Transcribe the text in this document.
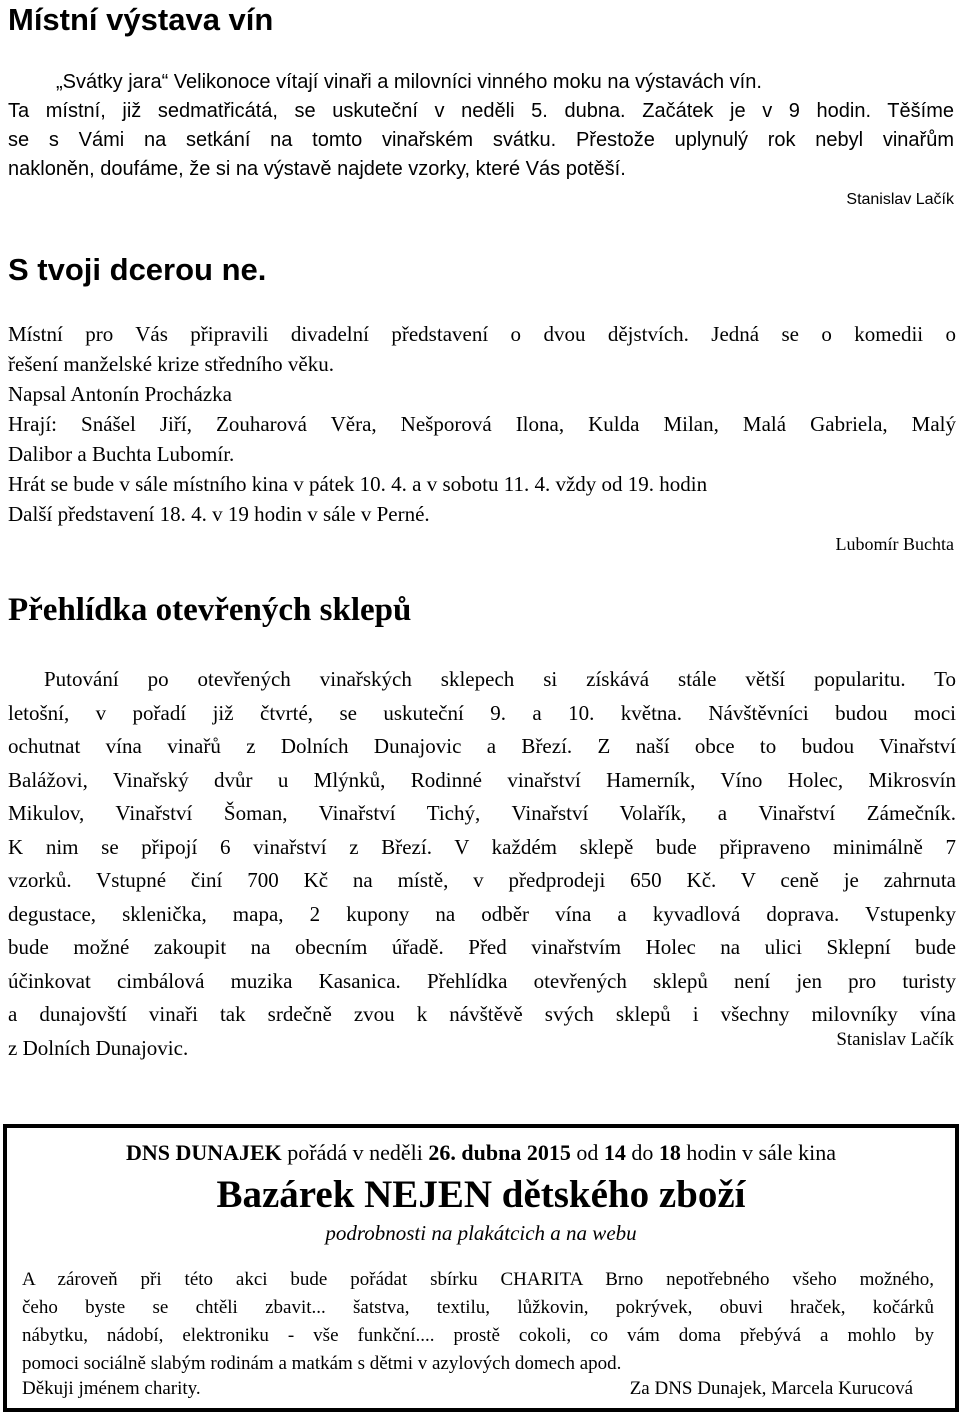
Místní výstava vín
„Svátky jara“ Velikonoce vítají vinaři a milovníci vinného moku na výstavách vín.
Ta místní, již sedmatřicátá, se uskuteční v neděli 5. dubna. Začátek je v 9 hodin. Těšíme
se s Vámi na setkání na tomto vinařském svátku. Přestože uplynulý rok nebyl vinařům
nakloněn, doufáme, že si na výstavě najdete vzorky, které Vás potěší.

Stanislav Lačík

S tvoji dcerou ne.
Místní pro Vás připravili divadelní představení o dvou dějstvích. Jedná se o komedii o
řešení manželské krize středního věku.
Napsal Antonín Procházka
Hrají: Snášel Jiří, Zouharová Věra, Nešporová Ilona, Kulda Milan, Malá Gabriela, Malý
Dalibor a Buchta Lubomír.
Hrát se bude v sále místního kina v pátek 10. 4. a v sobotu 11. 4. vždy od 19. hodin
Další představení 18. 4. v 19 hodin v sále v Perné.

Lubomír Buchta

Přehlídka otevřených sklepů
Putování po otevřených vinařských sklepech si získává stále větší popularitu. To
letošní, v pořadí již čtvrté, se uskuteční 9. a 10. května. Návštěvníci budou moci
ochutnat vína vinařů z Dolních Dunajovic a Březí. Z naší obce to budou Vinařství
Balážovi, Vinařský dvůr u Mlýnků, Rodinné vinařství Hamerník, Víno Holec, Mikrosvín
Mikulov, Vinařství Šoman, Vinařství Tichý, Vinařství Volařík, a Vinařství Zámečník.
K nim se připojí 6 vinařství z Březí. V každém sklepě bude připraveno minimálně 7
vzorků. Vstupné činí 700 Kč na místě, v předprodeji 650 Kč. V ceně je zahrnuta
degustace, sklenička, mapa, 2 kupony na odběr vína a kyvadlová doprava. Vstupenky
bude možné zakoupit na obecním úřadě. Před vinařstvím Holec na ulici Sklepní bude
účinkovat cimbálová muzika Kasanica. Přehlídka otevřených sklepů není jen pro turisty
a dunajovští vinaři tak srdečně zvou k návštěvě svých sklepů i všechny milovníky vína
z Dolních Dunajovic.	Stanislav Lačík

DNS DUNAJEK pořádá v neděli 26. dubna 2015 od 14 do 18 hodin v sále kina
Bazárek NEJEN dětského zboží
podrobnosti na plakátcich a na webu
A zároveň při této akci bude pořádat sbírku CHARITA Brno nepotřebného všeho možného,
čeho byste se chtěli zbavit... šatstva, textilu, lůžkovin, pokrývek, obuvi hraček, kočárků
nábytku, nádobí, elektroniku - vše funkční.... prostě cokoli, co vám doma přebývá a mohlo by
pomoci sociálně slabým rodinám a matkám s dětmi v azylových domech apod.
Děkuji jménem charity.	Za DNS Dunajek, Marcela Kurucová
